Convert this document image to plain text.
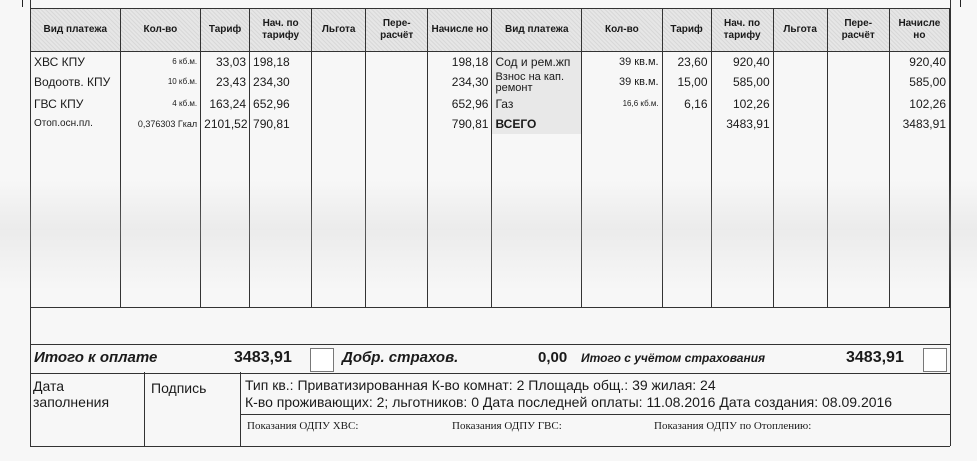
Вид платежа	Кол-во	Тариф	Нач. по тарифу	Льгота	Пере-расчёт	Начисле но	Вид платежа	Кол-во	Тариф	Нач. по тарифу	Льгота	Пере-расчёт	Начисле но
ХВС КПУ	6 кб.м.	33,03	198,18			198,18	Сод и рем.жп	39 кв.м.	23,60	920,40			920,40
Водоотв. КПУ	10 кб.м.	23,43	234,30			234,30	Взнос на кап. ремонт	39 кв.м.	15,00	585,00			585,00
ГВС КПУ	4 кб.м.	163,24	652,96			652,96	Газ	16,6 кб.м.	6,16	102,26			102,26
Отоп.осн.пл.	0,376303 Гкал	2101,52	790,81			790,81	ВСЕГО			3483,91			3483,91

Итого к оплате	3483,91	Добр. страхов.	0,00 Итого с учётом страхования	3483,91
Дата заполнения
Подпись	Тип кв.: Приватизированная К-во комнат: 2 Площадь общ.: 39 жилая: 24
К-во проживающих: 2; льготников: 0 Дата последней оплаты: 11.08.2016 Дата создания: 08.09.2016
Показания ОДПУ ХВС:	Показания ОДПУ ГВС:	Показания ОДПУ по Отоплению:
